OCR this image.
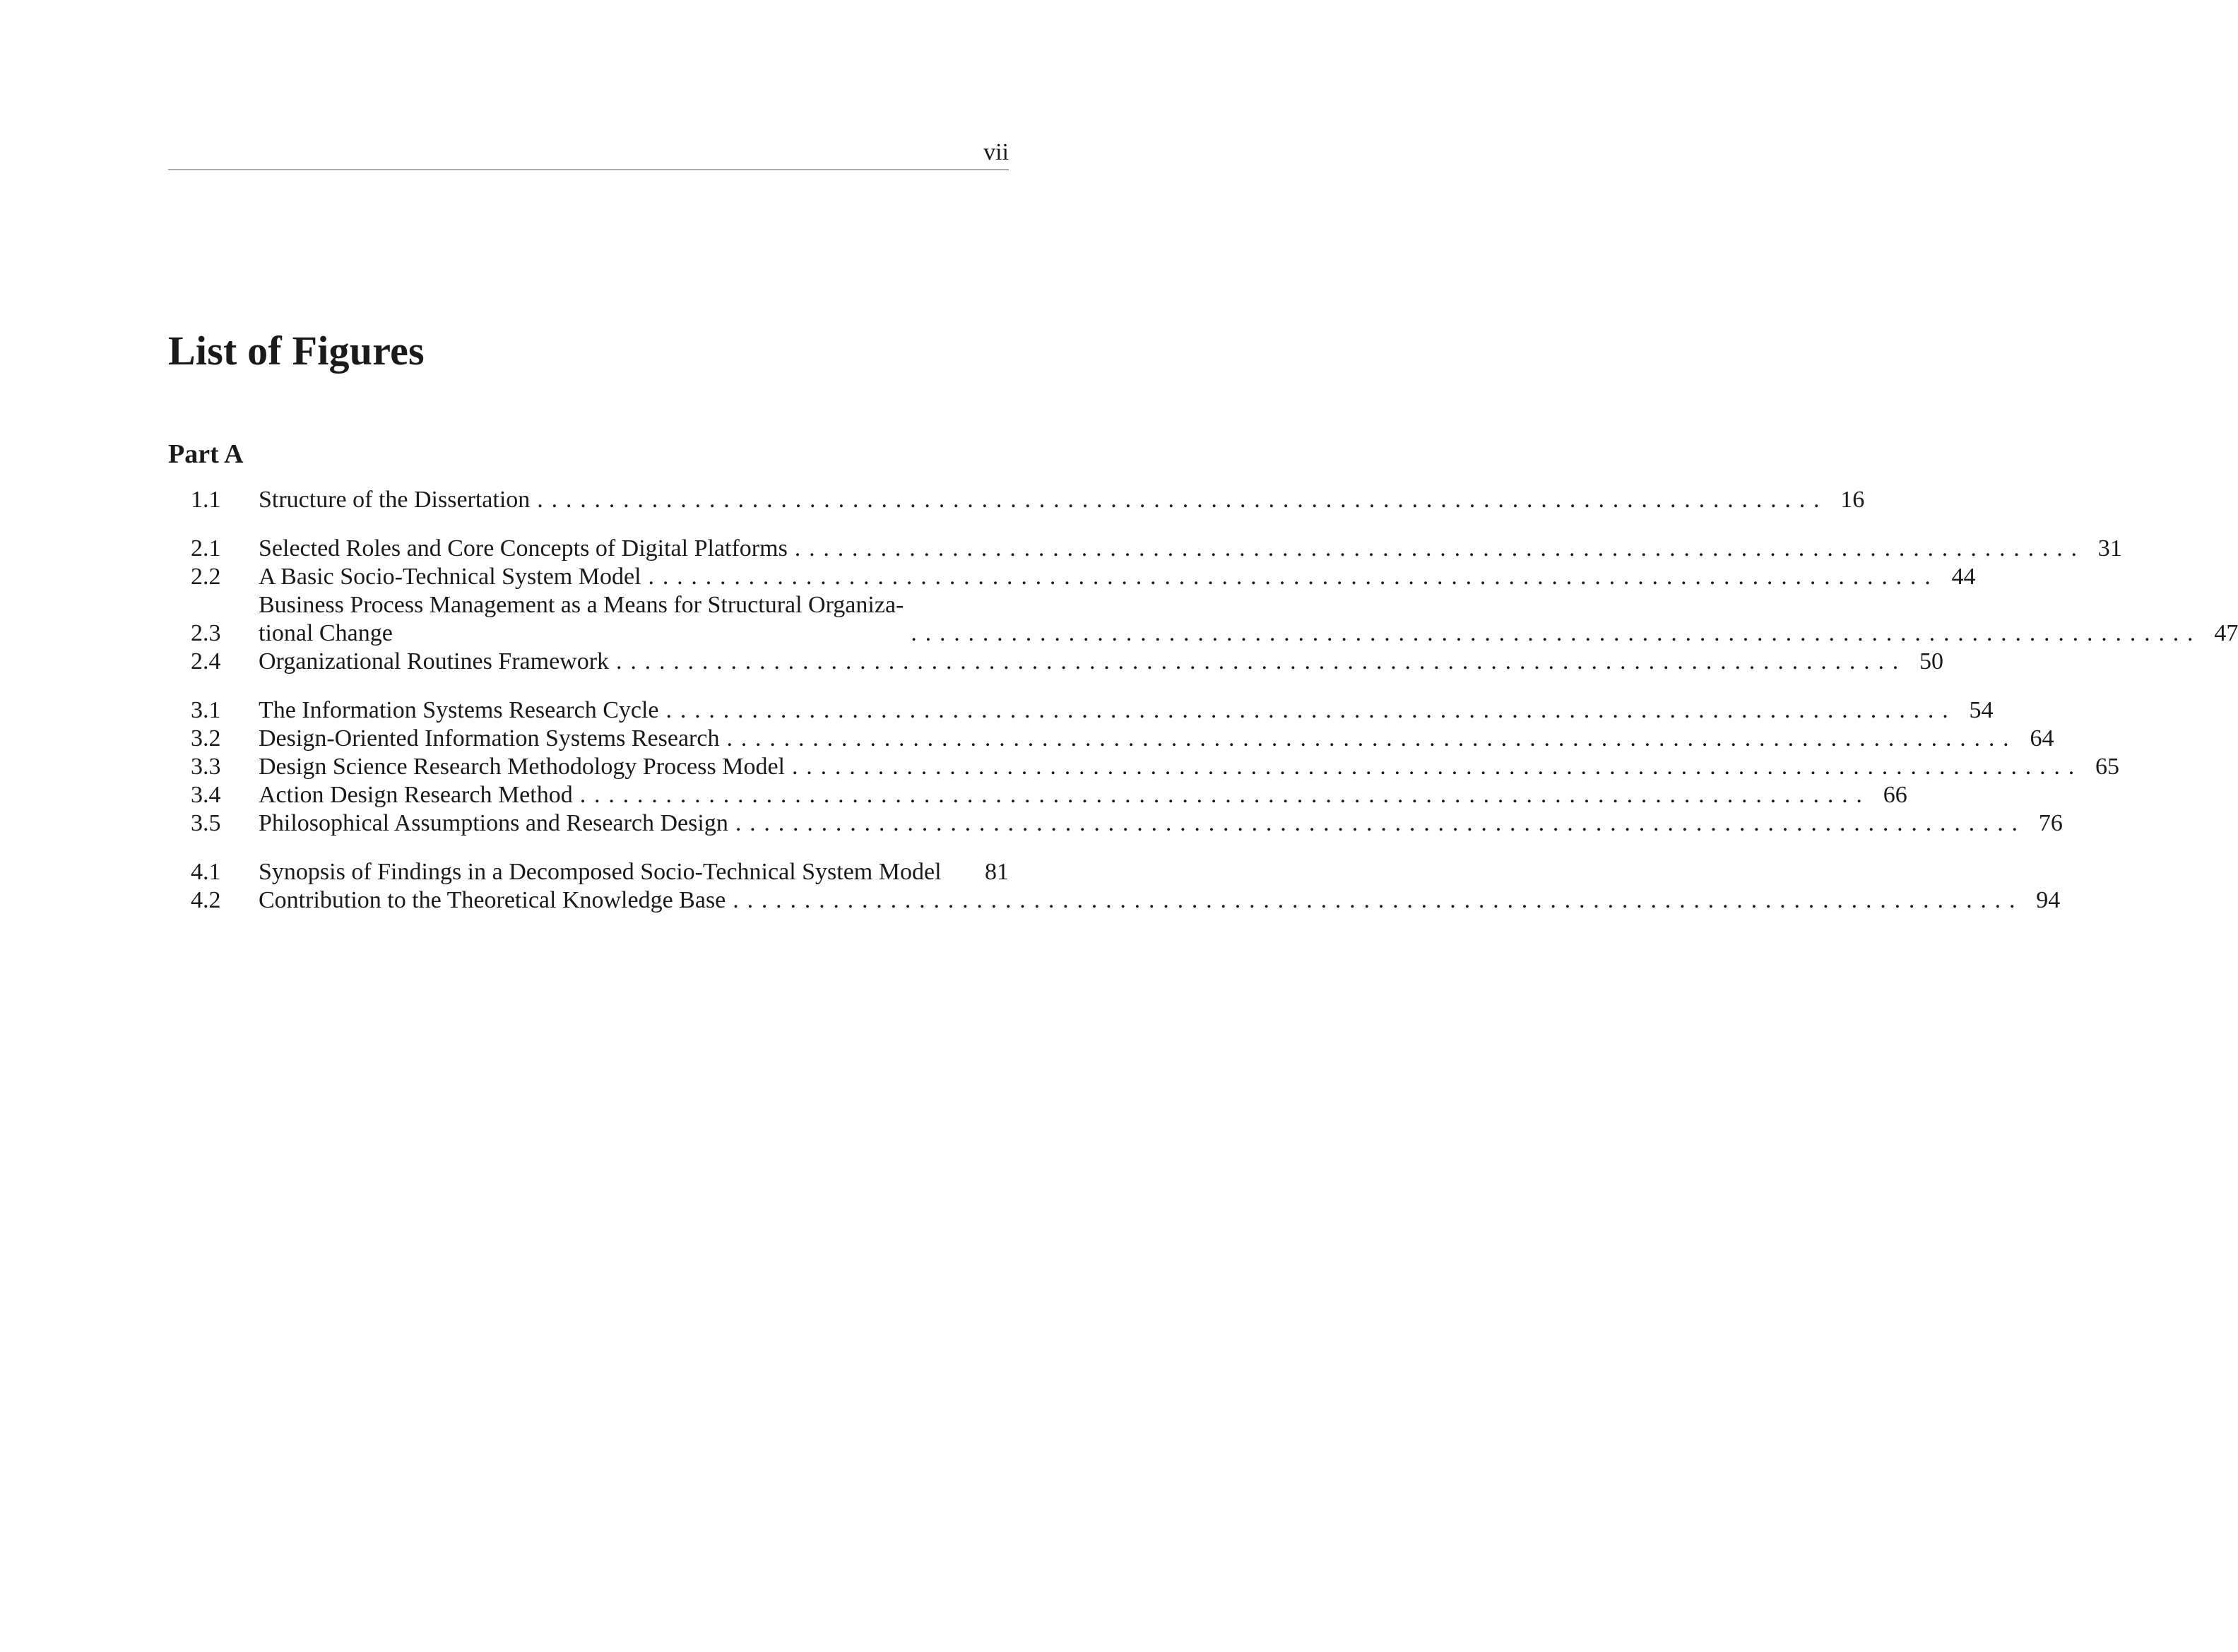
vii
List of Figures
Part A
1.1	Structure of the Dissertation .......................................................................................... 16
2.1	Selected Roles and Core Concepts of Digital Platforms .......................................................................................... 31
2.2	A Basic Socio-Technical System Model .......................................................................................... 44
2.3
Business Process Management as a Means for Structural Organiza-
tional Change	.......................................................................................... 47
2.4	Organizational Routines Framework .......................................................................................... 50
3.1	The Information Systems Research Cycle .......................................................................................... 54
3.2	Design-Oriented Information Systems Research .......................................................................................... 64
3.3	Design Science Research Methodology Process Model .......................................................................................... 65
3.4	Action Design Research Method .......................................................................................... 66
3.5	Philosophical Assumptions and Research Design .......................................................................................... 76
4.1	Synopsis of Findings in a Decomposed Socio-Technical System Model	81
4.2	Contribution to the Theoretical Knowledge Base .......................................................................................... 94
